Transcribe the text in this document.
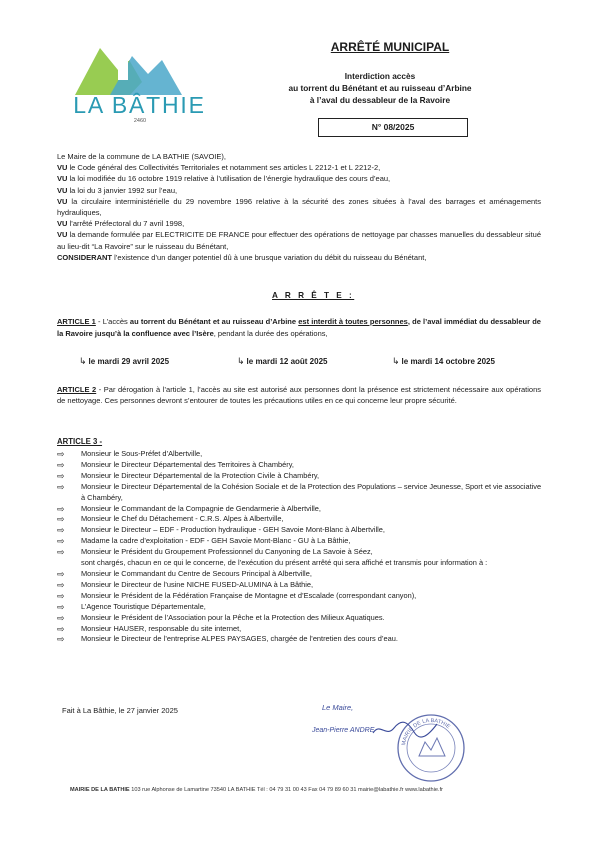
LA BÂTHIE
2460
ARRÊTÉ MUNICIPAL
Interdiction accès
au torrent du Bénétant et au ruisseau d’Arbine
à l’aval du dessableur de la Ravoire
N° 08/2025

Le Maire de la commune de LA BATHIE (SAVOIE),

VU le Code général des Collectivités Territoriales et notamment ses articles L 2212-1 et L 2212-2,

VU la loi modifiée du 16 octobre 1919 relative à l’utilisation de l’énergie hydraulique des cours d’eau,

VU la loi du 3 janvier 1992 sur l’eau,

VU la circulaire interministérielle du 29 novembre 1996 relative à la sécurité des zones situées à l’aval des barrages et aménagements hydrauliques,

VU l’arrêté Préfectoral du 7 avril 1998,

VU la demande formulée par ELECTRICITE DE FRANCE pour effectuer des opérations de nettoyage par chasses manuelles du dessableur situé au lieu-dit “La Ravoire” sur le ruisseau du Bénétant,

CONSIDERANT l’existence d’un danger potentiel dû à une brusque variation du débit du ruisseau du Bénétant,

A R R Ê T E :
ARTICLE 1 - L’accès au torrent du Bénétant et au ruisseau d’Arbine est interdit à toutes personnes, de l’aval immédiat du dessableur de la Ravoire jusqu’à la confluence avec l’Isère, pendant la durée des opérations,
↳ le mardi 29 avril 2025	↳ le mardi 12 août 2025	↳ le mardi 14 octobre 2025
ARTICLE 2 - Par dérogation à l’article 1, l’accès au site est autorisé aux personnes dont la présence est strictement nécessaire aux opérations de nettoyage. Ces personnes devront s’entourer de toutes les précautions utiles en ce qui concerne leur propre sécurité.
ARTICLE 3 -
⇨ Monsieur le Sous-Préfet d’Albertville,
⇨ Monsieur le Directeur Départemental des Territoires à Chambéry,
⇨ Monsieur le Directeur Départemental de la Protection Civile à Chambéry,
⇨ Monsieur le Directeur Départemental de la Cohésion Sociale et de la Protection des Populations – service Jeunesse, Sport et vie associative à Chambéry,
⇨ Monsieur le Commandant de la Compagnie de Gendarmerie à Albertville,
⇨ Monsieur le Chef du Détachement - C.R.S. Alpes à Albertville,
⇨ Monsieur le Directeur – EDF - Production hydraulique - GEH Savoie Mont-Blanc à Albertville,
⇨ Madame la cadre d’exploitation - EDF - GEH Savoie Mont-Blanc - GU à La Bâthie,
⇨ Monsieur le Président du Groupement Professionnel du Canyoning de La Savoie à Séez,
sont chargés, chacun en ce qui le concerne, de l’exécution du présent arrêté qui sera affiché et transmis pour information à :
⇨ Monsieur le Commandant du Centre de Secours Principal à Albertville,
⇨ Monsieur le Directeur de l’usine NICHE FUSED-ALUMINA à La Bâthie,
⇨ Monsieur le Président de la Fédération Française de Montagne et d’Escalade (correspondant canyon),
⇨ L’Agence Touristique Départementale,
⇨ Monsieur le Président de l’Association pour la Pêche et la Protection des Milieux Aquatiques.
⇨ Monsieur HAUSER, responsable du site internet,
⇨ Monsieur le Directeur de l’entreprise ALPES PAYSAGES, chargée de l’entretien des cours d’eau.
Fait à La Bâthie, le 27 janvier 2025	Le Maire,
Jean-Pierre ANDRE
MAIRIE DE LA BATHIE
MAIRIE DE LA BATHIE 103 rue Alphonse de Lamartine 73540 LA BATHIE Tél : 04 79 31 00 43 Fax 04 79 89 60 31 mairie@labathie.fr www.labathie.fr
